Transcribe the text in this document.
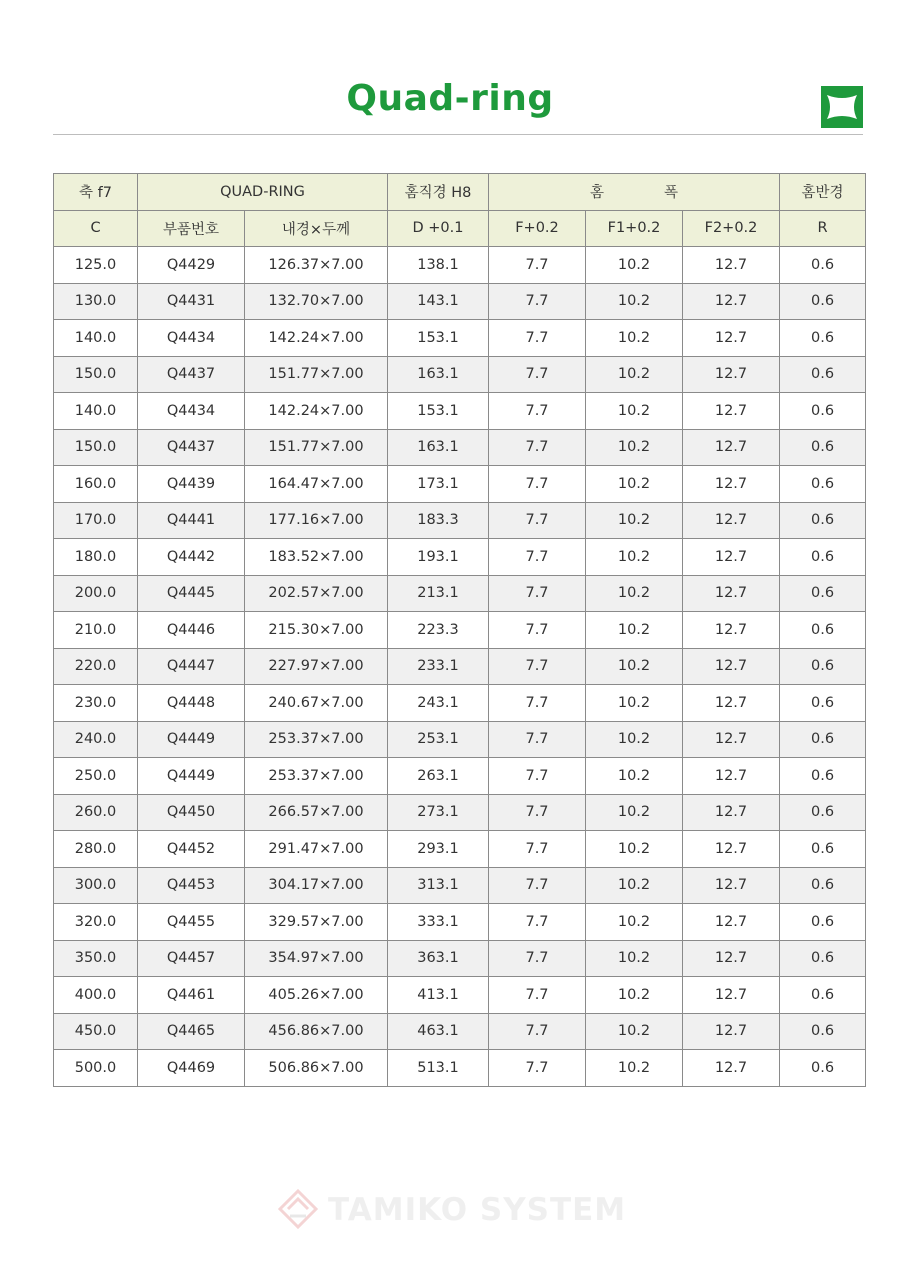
Quad-ring
축 f7	QUAD-RING		홈직경 H8	홈 폭			홈반경
C	부품번호	내경×두께	D +0.1	F+0.2	F1+0.2	F2+0.2	R
125.0	Q4429	126.37×7.00	138.1	7.7	10.2	12.7	0.6
130.0	Q4431	132.70×7.00	143.1	7.7	10.2	12.7	0.6
140.0	Q4434	142.24×7.00	153.1	7.7	10.2	12.7	0.6
150.0	Q4437	151.77×7.00	163.1	7.7	10.2	12.7	0.6
140.0	Q4434	142.24×7.00	153.1	7.7	10.2	12.7	0.6
150.0	Q4437	151.77×7.00	163.1	7.7	10.2	12.7	0.6
160.0	Q4439	164.47×7.00	173.1	7.7	10.2	12.7	0.6
170.0	Q4441	177.16×7.00	183.3	7.7	10.2	12.7	0.6
180.0	Q4442	183.52×7.00	193.1	7.7	10.2	12.7	0.6
200.0	Q4445	202.57×7.00	213.1	7.7	10.2	12.7	0.6
210.0	Q4446	215.30×7.00	223.3	7.7	10.2	12.7	0.6
220.0	Q4447	227.97×7.00	233.1	7.7	10.2	12.7	0.6
230.0	Q4448	240.67×7.00	243.1	7.7	10.2	12.7	0.6
240.0	Q4449	253.37×7.00	253.1	7.7	10.2	12.7	0.6
250.0	Q4449	253.37×7.00	263.1	7.7	10.2	12.7	0.6
260.0	Q4450	266.57×7.00	273.1	7.7	10.2	12.7	0.6
280.0	Q4452	291.47×7.00	293.1	7.7	10.2	12.7	0.6
300.0	Q4453	304.17×7.00	313.1	7.7	10.2	12.7	0.6
320.0	Q4455	329.57×7.00	333.1	7.7	10.2	12.7	0.6
350.0	Q4457	354.97×7.00	363.1	7.7	10.2	12.7	0.6
400.0	Q4461	405.26×7.00	413.1	7.7	10.2	12.7	0.6
450.0	Q4465	456.86×7.00	463.1	7.7	10.2	12.7	0.6
500.0	Q4469	506.86×7.00	513.1	7.7	10.2	12.7	0.6
TAMIKO SYSTEM
